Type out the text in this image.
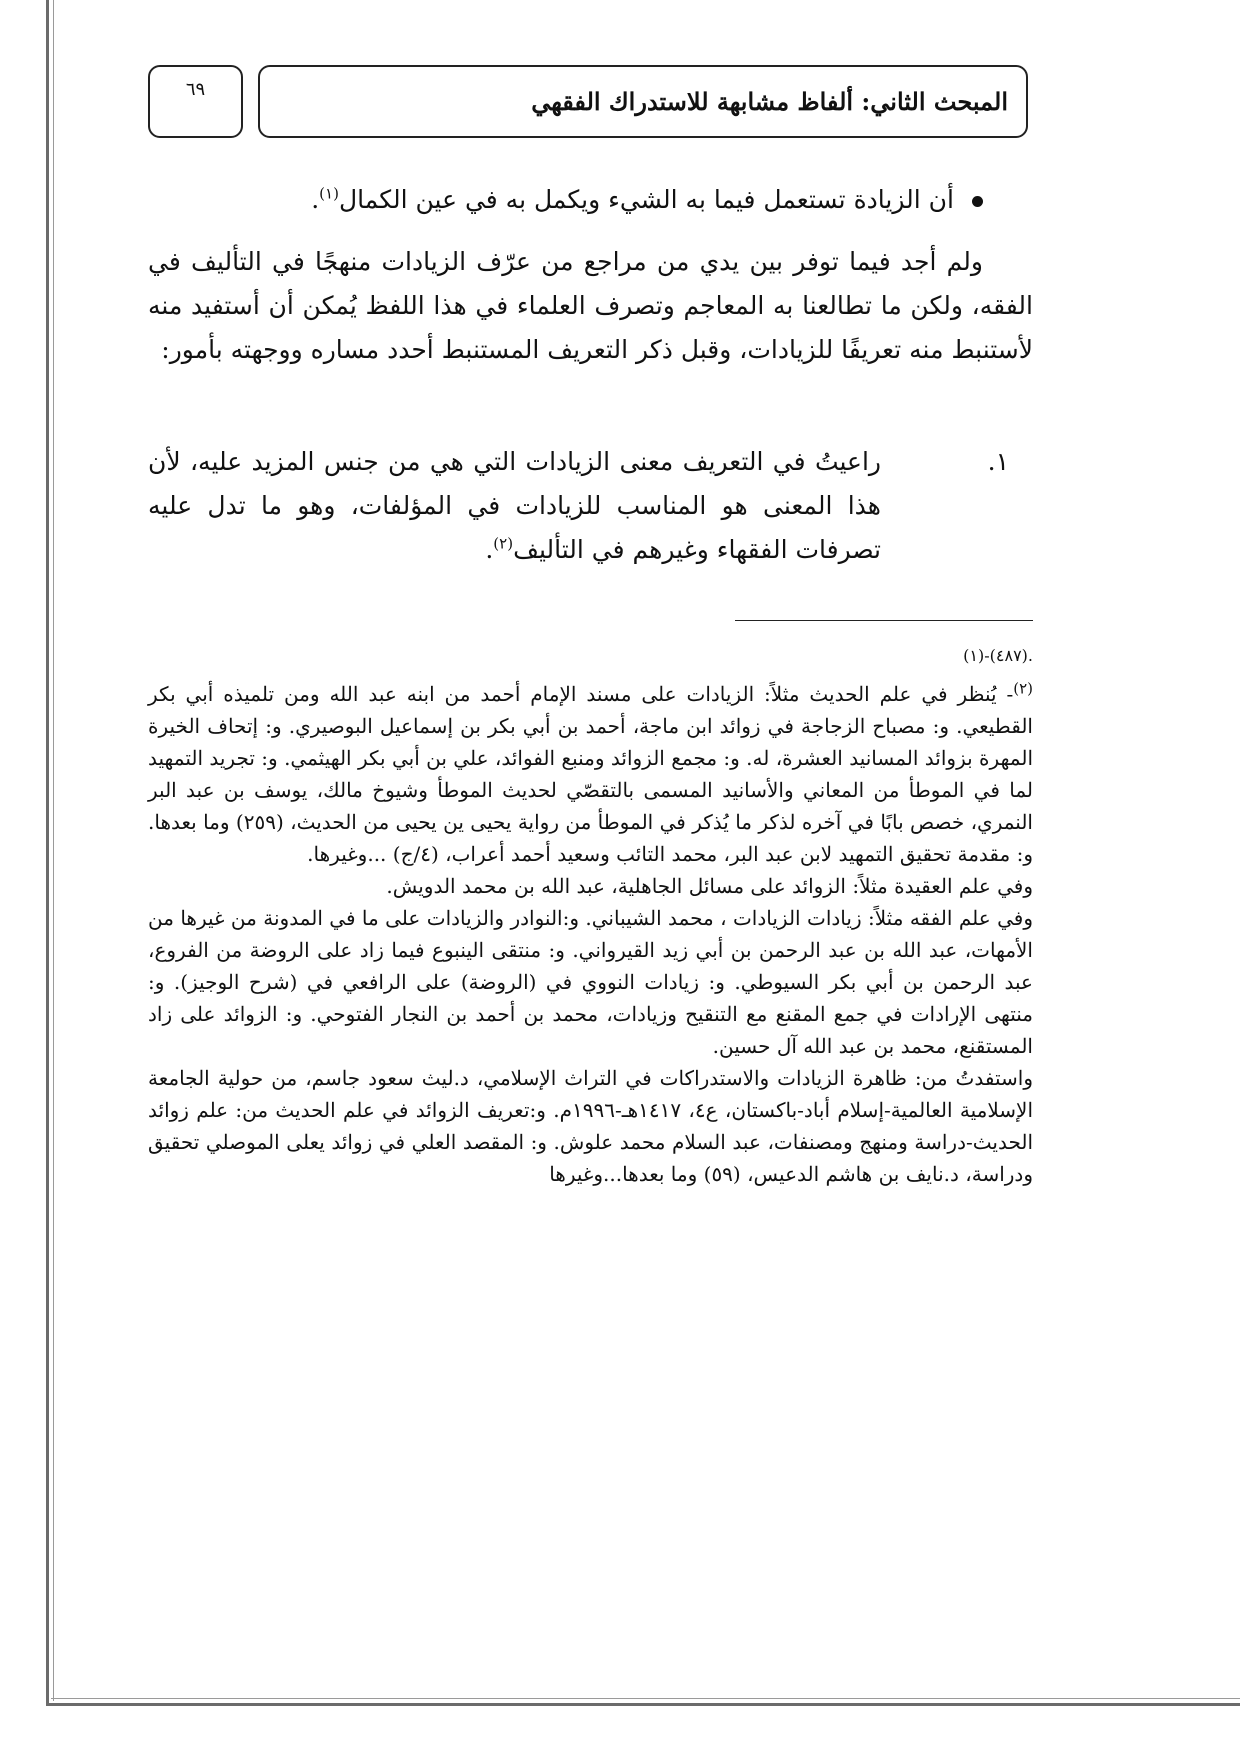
المبحث الثاني: ألفاظ مشابهة للاستدراك الفقهي
٦٩
أن الزيادة تستعمل فيما به الشيء ويكمل به في عين الكمال$^{(١)}$.
ولم أجد فيما توفر بين يدي من مراجع من عرّف الزيادات منهجًا في التأليف في الفقه، ولكن ما تطالعنا به المعاجم وتصرف العلماء في هذا اللفظ يُمكن أن أستفيد منه لأستنبط منه تعريفًا للزيادات، وقبل ذكر التعريف المستنبط أحدد مساره ووجهته بأمور:
١.
راعيتُ في التعريف معنى الزيادات التي هي من جنس المزيد عليه، لأن هذا المعنى هو المناسب للزيادات في المؤلفات، وهو ما تدل عليه تصرفات الفقهاء وغيرهم في التأليف$^{(٢)}$.

.(٤٨٧)-(١)

$^{(٢)}$- يُنظر في علم الحديث مثلاً: الزيادات على مسند الإمام أحمد من ابنه عبد الله ومن تلميذه أبي بكر القطيعي. و: مصباح الزجاجة في زوائد ابن ماجة، أحمد بن أبي بكر بن إسماعيل البوصيري. و: إتحاف الخيرة المهرة بزوائد المسانيد العشرة، له. و: مجمع الزوائد ومنبع الفوائد، علي بن أبي بكر الهيثمي. و: تجريد التمهيد لما في الموطأ من المعاني والأسانيد المسمى بالتقصّي لحديث الموطأ وشيوخ مالك، يوسف بن عبد البر النمري، خصص بابًا في آخره لذكر ما يُذكر في الموطأ من رواية يحيى ين يحيى من الحديث، (٢٥٩) وما بعدها. و: مقدمة تحقيق التمهيد لابن عبد البر، محمد التائب وسعيد أحمد أعراب، (٤/ج) ...وغيرها.

وفي علم العقيدة مثلاً: الزوائد على مسائل الجاهلية، عبد الله بن محمد الدويش.

وفي علم الفقه مثلاً: زيادات الزيادات ، محمد الشيباني. و:النوادر والزيادات على ما في المدونة من غيرها من الأمهات، عبد الله بن عبد الرحمن بن أبي زيد القيرواني. و: منتقى الينبوع فيما زاد على الروضة من الفروع، عبد الرحمن بن أبي بكر السيوطي. و: زيادات النووي في (الروضة) على الرافعي في (شرح الوجيز). و: منتهى الإرادات في جمع المقنع مع التنقيح وزيادات، محمد بن أحمد بن النجار الفتوحي. و: الزوائد على زاد المستقنع، محمد بن عبد الله آل حسين.

واستفدتُ من: ظاهرة الزيادات والاستدراكات في التراث الإسلامي، د.ليث سعود جاسم، من حولية الجامعة الإسلامية العالمية-إسلام أباد-باكستان، ع٤، ١٤١٧هـ-١٩٩٦م. و:تعريف الزوائد في علم الحديث من: علم زوائد الحديث-دراسة ومنهج ومصنفات، عبد السلام محمد علوش. و: المقصد العلي في زوائد يعلى الموصلي تحقيق ودراسة، د.نايف بن هاشم الدعيس، (٥٩) وما بعدها...وغيرها
